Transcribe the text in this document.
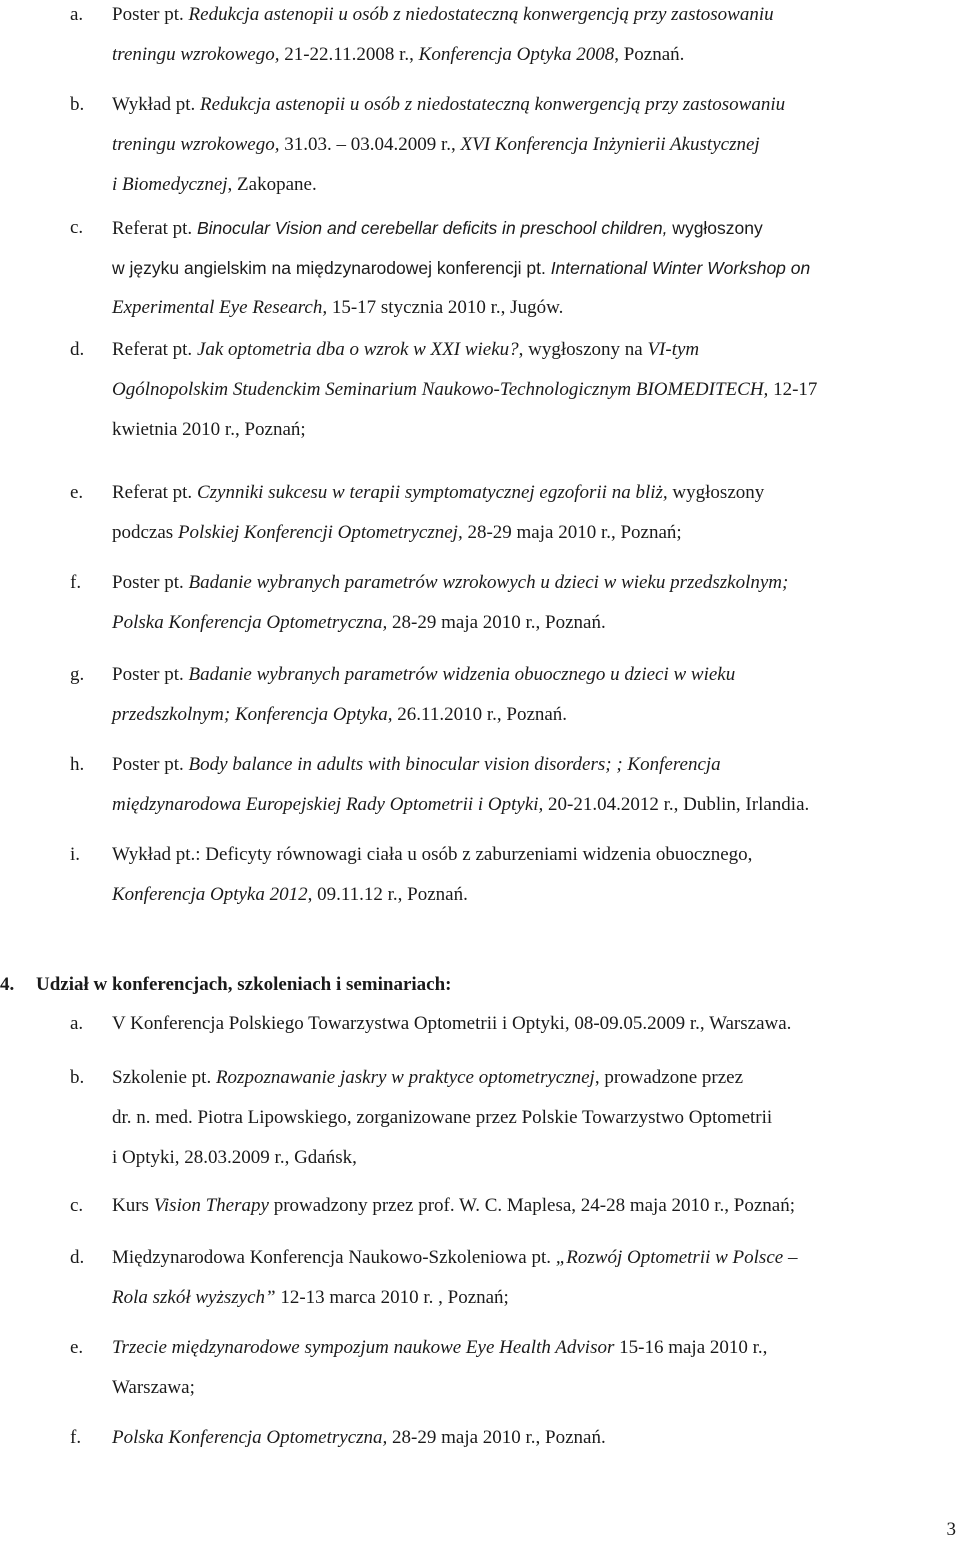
a. Poster pt. Redukcja astenopii u osób z niedostateczną konwergencją przy zastosowaniu
treningu wzrokowego, 21-22.11.2008 r., Konferencja Optyka 2008, Poznań.
b. Wykład pt. Redukcja astenopii u osób z niedostateczną konwergencją przy zastosowaniu
treningu wzrokowego, 31.03. – 03.04.2009 r., XVI Konferencja Inżynierii Akustycznej
i Biomedycznej, Zakopane.
c. Referat pt. Binocular Vision and cerebellar deficits in preschool children, wygłoszony
w języku angielskim na międzynarodowej konferencji pt. International Winter Workshop on
Experimental Eye Research, 15-17 stycznia 2010 r., Jugów.
d. Referat pt. Jak optometria dba o wzrok w XXI wieku?, wygłoszony na VI-tym
Ogólnopolskim Studenckim Seminarium Naukowo-Technologicznym BIOMEDITECH, 12-17
kwietnia 2010 r., Poznań;
e. Referat pt. Czynniki sukcesu w terapii symptomatycznej egzoforii na bliż, wygłoszony
podczas Polskiej Konferencji Optometrycznej, 28-29 maja 2010 r., Poznań;
f. Poster pt. Badanie wybranych parametrów wzrokowych u dzieci w wieku przedszkolnym;
Polska Konferencja Optometryczna, 28-29 maja 2010 r., Poznań.
g. Poster pt. Badanie wybranych parametrów widzenia obuocznego u dzieci w wieku
przedszkolnym; Konferencja Optyka, 26.11.2010 r., Poznań.
h. Poster pt. Body balance in adults with binocular vision disorders; ; Konferencja
międzynarodowa Europejskiej Rady Optometrii i Optyki, 20-21.04.2012 r., Dublin, Irlandia.
i. Wykład pt.: Deficyty równowagi ciała u osób z zaburzeniami widzenia obuocznego,
Konferencja Optyka 2012, 09.11.12 r., Poznań.
4. Udział w konferencjach, szkoleniach i seminariach:
a. V Konferencja Polskiego Towarzystwa Optometrii i Optyki, 08-09.05.2009 r., Warszawa.
b. Szkolenie pt. Rozpoznawanie jaskry w praktyce optometrycznej, prowadzone przez
dr. n. med. Piotra Lipowskiego, zorganizowane przez Polskie Towarzystwo Optometrii
i Optyki, 28.03.2009 r., Gdańsk,
c. Kurs Vision Therapy prowadzony przez prof. W. C. Maplesa, 24-28 maja 2010 r., Poznań;
d. Międzynarodowa Konferencja Naukowo-Szkoleniowa pt. „Rozwój Optometrii w Polsce –
Rola szkół wyższych” 12-13 marca 2010 r. , Poznań;
e. Trzecie międzynarodowe sympozjum naukowe Eye Health Advisor 15-16 maja 2010 r.,
Warszawa;
f. Polska Konferencja Optometryczna, 28-29 maja 2010 r., Poznań.
3
